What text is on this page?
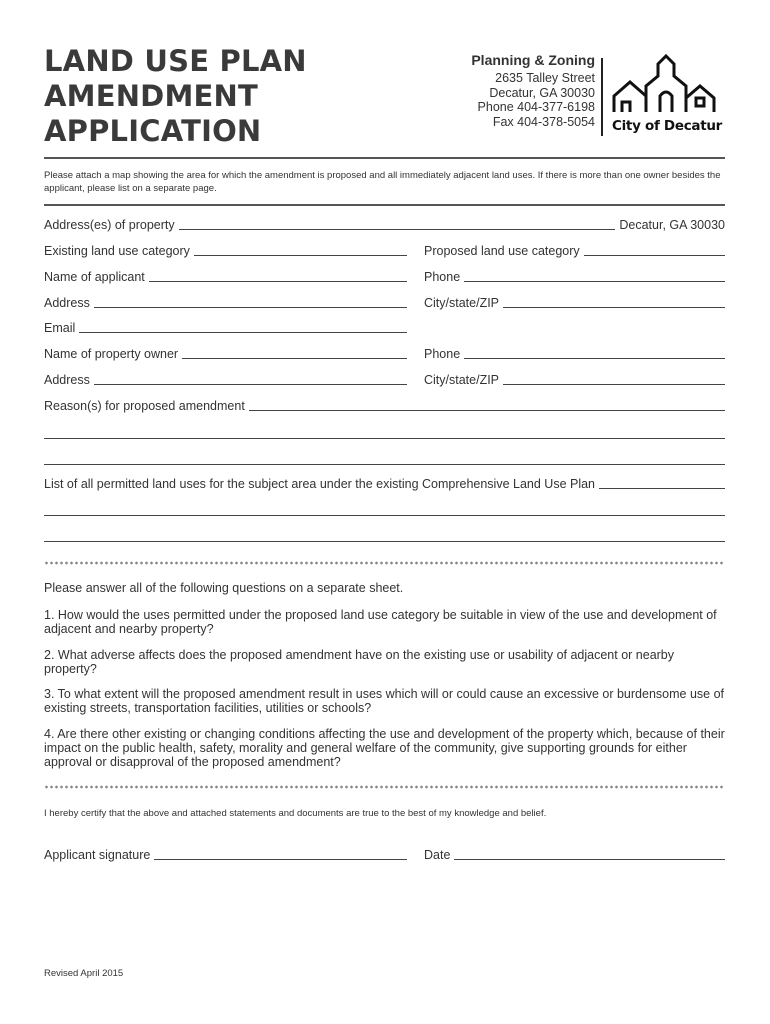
LAND USE PLAN
AMENDMENT
APPLICATION
Planning & Zoning
2635 Talley Street
Decatur, GA 30030
Phone 404-377-6198
Fax 404-378-5054 City of Decatur
Please attach a map showing the area for which the amendment is proposed and all immediately adjacent land uses. If there is more than one owner besides the applicant, please list on a separate page.
Address(es) of property	Decatur, GA 30030
Existing land use category	Proposed land use category
Name of applicant	Phone
Address	City/state/ZIP
Email
Name of property owner	Phone
Address	City/state/ZIP
Reason(s) for proposed amendment
List of all permitted land uses for the subject area under the existing Comprehensive Land Use Plan
Please answer all of the following questions on a separate sheet.
1. How would the uses permitted under the proposed land use category be suitable in view of the use and development of adjacent and nearby property?
2. What adverse affects does the proposed amendment have on the existing use or usability of adjacent or nearby property?
3. To what extent will the proposed amendment result in uses which will or could cause an excessive or burdensome use of existing streets, transportation facilities, utilities or schools?
4. Are there other existing or changing conditions affecting the use and development of the property which, because of their impact on the public health, safety, morality and general welfare of the community, give supporting grounds for either approval or disapproval of the proposed amendment?
I hereby certify that the above and attached statements and documents are true to the best of my knowledge and belief.
Applicant signature	Date
Revised April 2015
